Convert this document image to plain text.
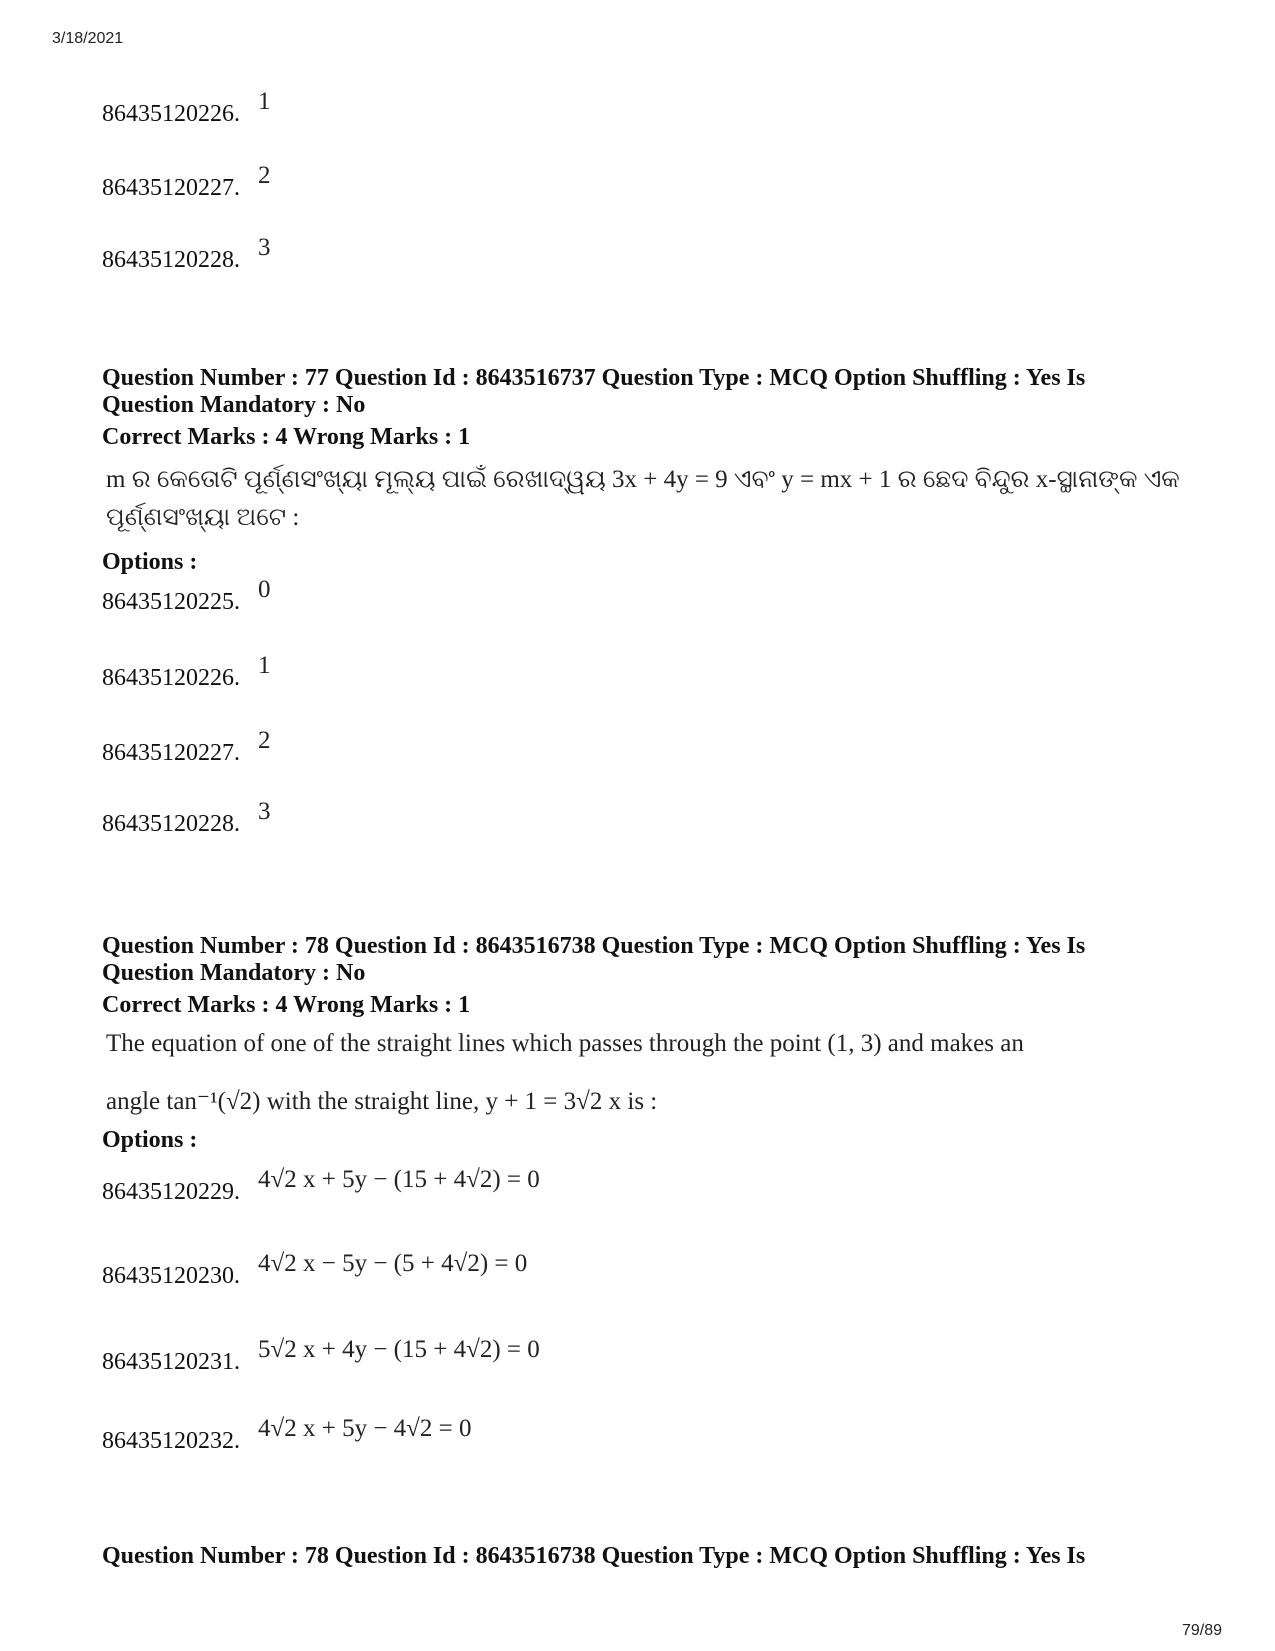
3/18/2021
86435120226. 1
86435120227. 2
86435120228. 3
Question Number : 77 Question Id : 8643516737 Question Type : MCQ Option Shuffling : Yes Is
Question Mandatory : No
Correct Marks : 4 Wrong Marks : 1
m ର କେତୋଟି ପୂର୍ଣ୍ଣସଂଖ୍ୟା ମୂଲ୍ୟ ପାଇଁ ରେଖାଦ୍ୱୟ 3x + 4y = 9 ଏବଂ y = mx + 1 ର ଛେଦ ବିନ୍ଦୁର x-ସ୍ଥାନାଙ୍କ ଏକ
ପୂର୍ଣ୍ଣସଂଖ୍ୟା ଅଟେ :
Options :
86435120225. 0
86435120226. 1
86435120227. 2
86435120228. 3
Question Number : 78 Question Id : 8643516738 Question Type : MCQ Option Shuffling : Yes Is
Question Mandatory : No
Correct Marks : 4 Wrong Marks : 1
The equation of one of the straight lines which passes through the point (1, 3) and makes an
angle tan⁻¹(√2) with the straight line, y + 1 = 3√2 x is :
Options :
86435120229. 4√2 x + 5y − (15 + 4√2) = 0
86435120230. 4√2 x − 5y − (5 + 4√2) = 0
86435120231. 5√2 x + 4y − (15 + 4√2) = 0
86435120232. 4√2 x + 5y − 4√2 = 0
Question Number : 78 Question Id : 8643516738 Question Type : MCQ Option Shuffling : Yes Is
79/89
